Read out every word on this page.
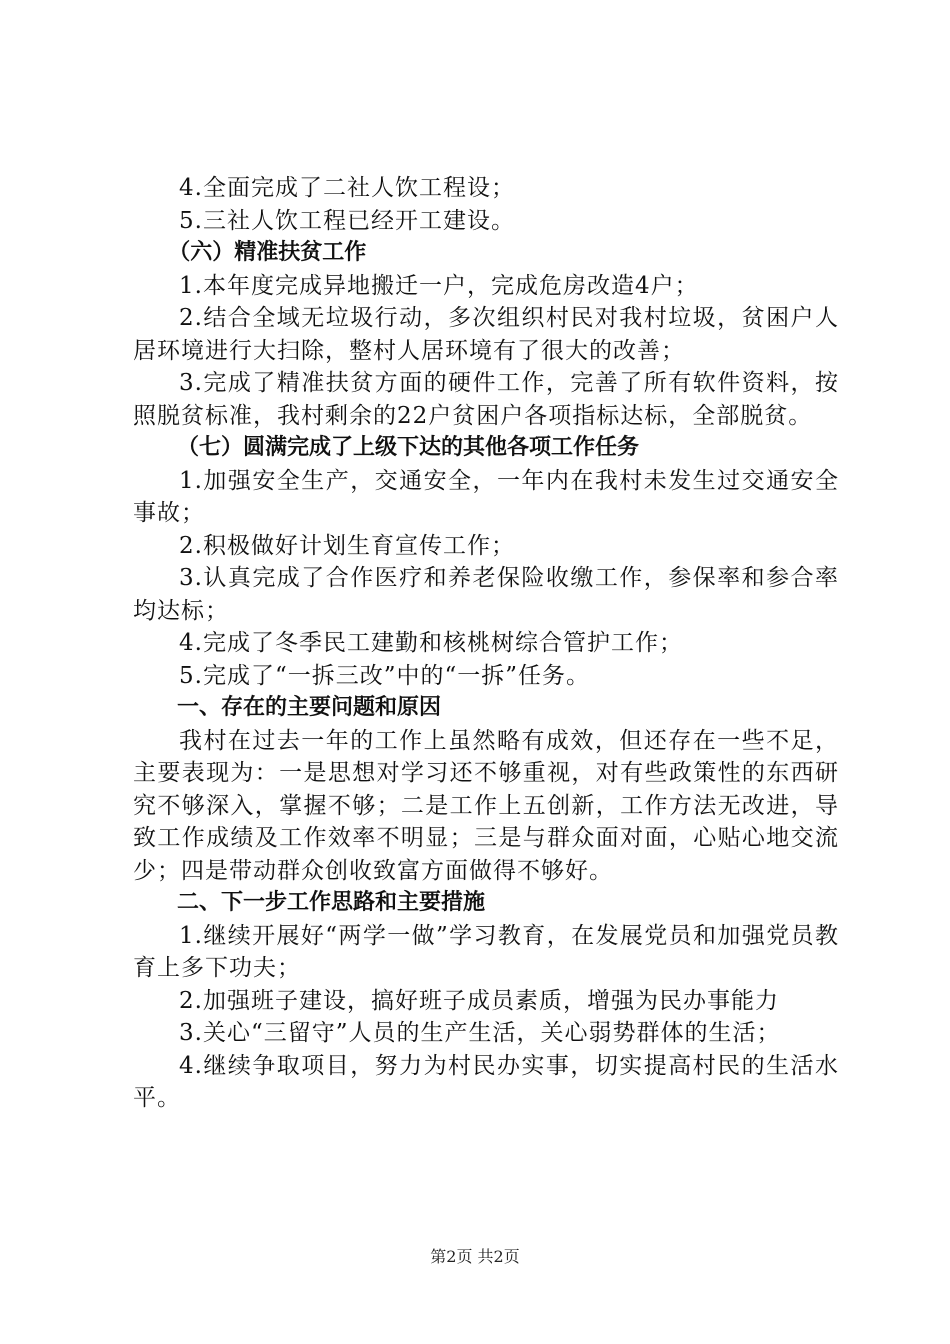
4.全面完成了二社人饮工程设；

5.三社人饮工程已经开工建设。

（六）精准扶贫工作

1.本年度完成异地搬迁一户，完成危房改造4户；

2.结合全域无垃圾行动，多次组织村民对我村垃圾，贫困户人居环境进行大扫除，整村人居环境有了很大的改善；

3.完成了精准扶贫方面的硬件工作，完善了所有软件资料，按照脱贫标准，我村剩余的22户贫困户各项指标达标，全部脱贫。

（七）圆满完成了上级下达的其他各项工作任务

1.加强安全生产，交通安全，一年内在我村未发生过交通安全事故；

2.积极做好计划生育宣传工作；

3.认真完成了合作医疗和养老保险收缴工作，参保率和参合率均达标；

4.完成了冬季民工建勤和核桃树综合管护工作；

5.完成了“一拆三改”中的“一拆”任务。

一、存在的主要问题和原因

我村在过去一年的工作上虽然略有成效，但还存在一些不足，主要表现为：一是思想对学习还不够重视，对有些政策性的东西研究不够深入，掌握不够；二是工作上五创新，工作方法无改进，导致工作成绩及工作效率不明显；三是与群众面对面，心贴心地交流少；四是带动群众创收致富方面做得不够好。

二、下一步工作思路和主要措施

1.继续开展好“两学一做”学习教育，在发展党员和加强党员教育上多下功夫；

2.加强班子建设，搞好班子成员素质，增强为民办事能力

3.关心“三留守”人员的生产生活，关心弱势群体的生活；

4.继续争取项目，努力为村民办实事，切实提高村民的生活水平。

第2页 共2页
